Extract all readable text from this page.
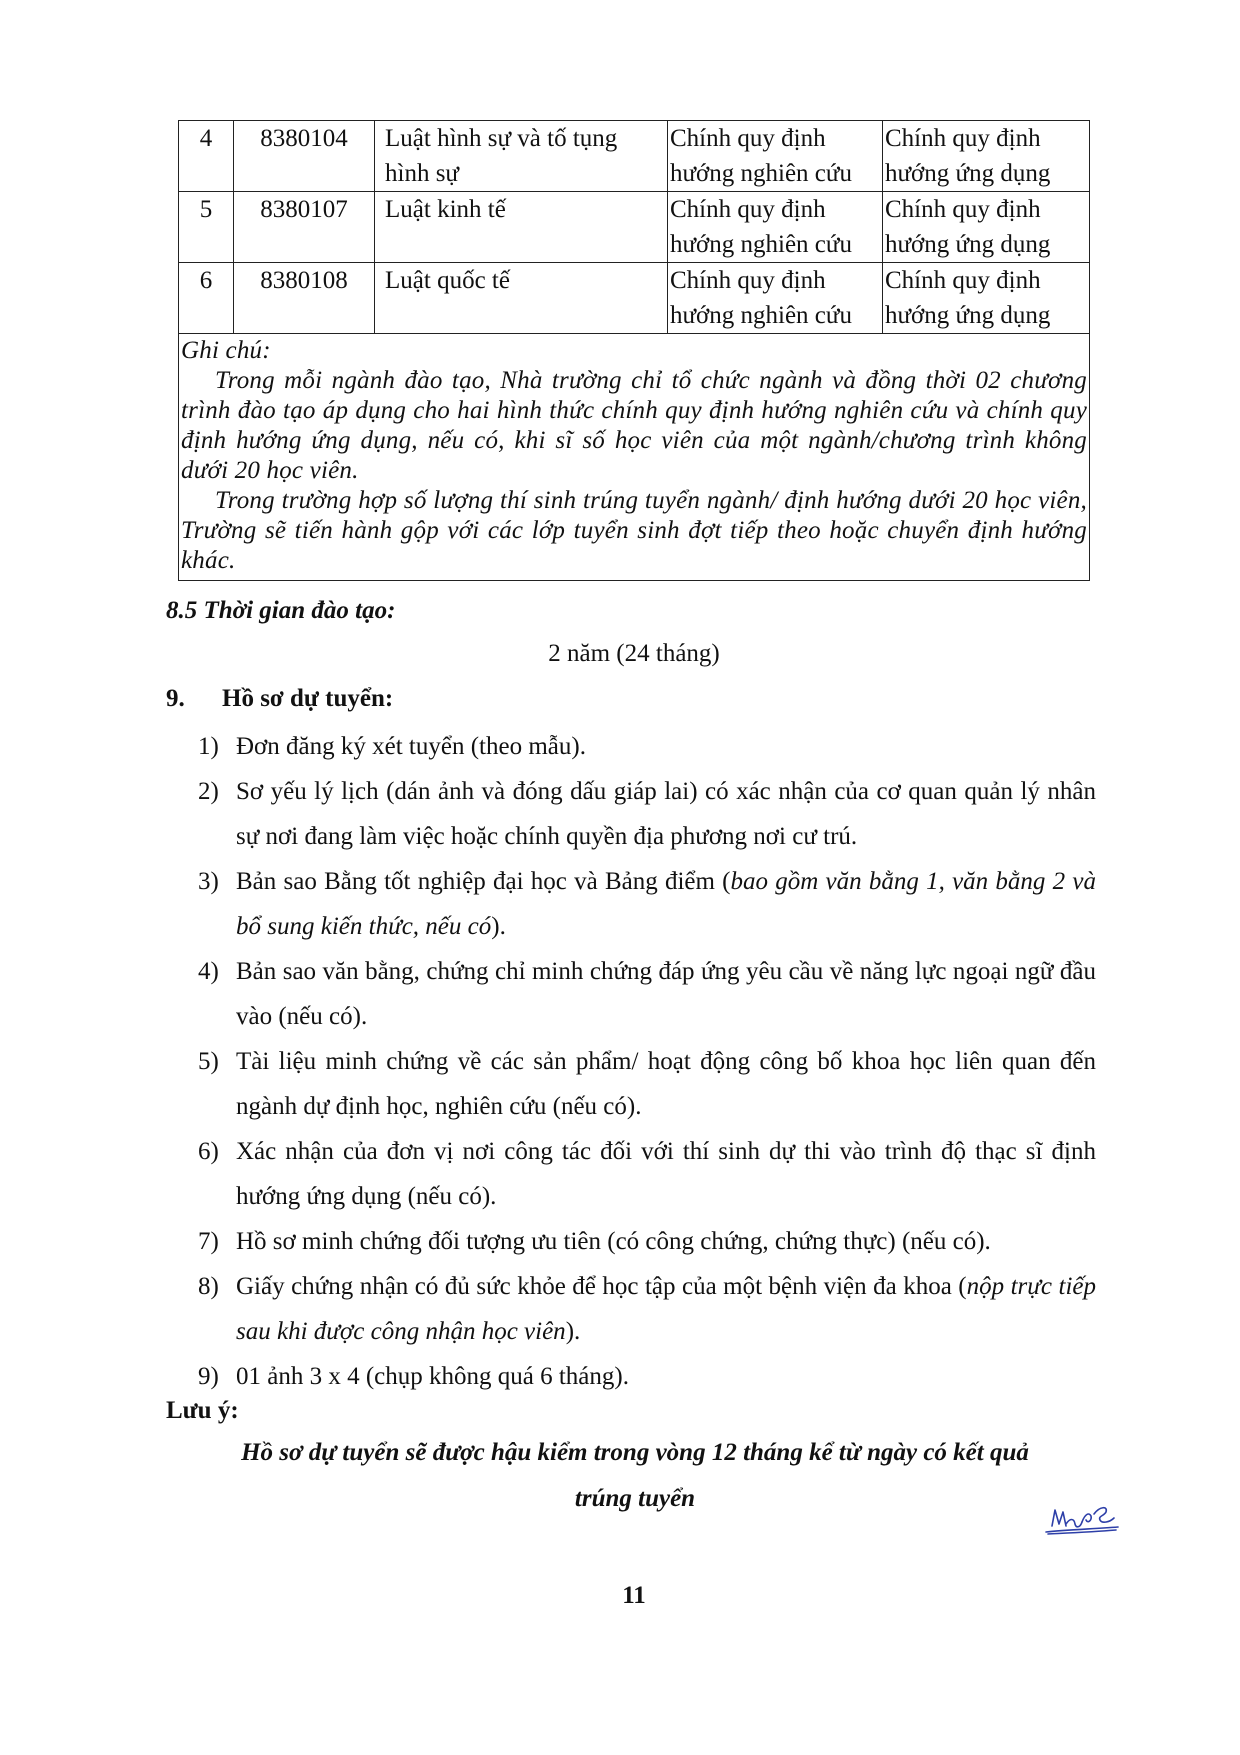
4	8380104	Luật hình sự và tố tụng hình sự	Chính quy định hướng nghiên cứu	Chính quy định hướng ứng dụng
5	8380107	Luật kinh tế	Chính quy định hướng nghiên cứu	Chính quy định hướng ứng dụng
6	8380108	Luật quốc tế	Chính quy định hướng nghiên cứu	Chính quy định hướng ứng dụng

Ghi chú:
Trong mỗi ngành đào tạo, Nhà trường chỉ tổ chức ngành và đồng thời 02 chương trình đào tạo áp dụng cho hai hình thức chính quy định hướng nghiên cứu và chính quy định hướng ứng dụng, nếu có, khi sĩ số học viên của một ngành/chương trình không dưới 20 học viên.
Trong trường hợp số lượng thí sinh trúng tuyển ngành/ định hướng dưới 20 học viên, Trường sẽ tiến hành gộp với các lớp tuyển sinh đợt tiếp theo hoặc chuyển định hướng khác.				
8.5 Thời gian đào tạo:
2 năm (24 tháng)
9. Hồ sơ dự tuyển:
1) Đơn đăng ký xét tuyển (theo mẫu).
2) Sơ yếu lý lịch (dán ảnh và đóng dấu giáp lai) có xác nhận của cơ quan quản lý nhân sự nơi đang làm việc hoặc chính quyền địa phương nơi cư trú.
3) Bản sao Bằng tốt nghiệp đại học và Bảng điểm (bao gồm văn bằng 1, văn bằng 2 và bổ sung kiến thức, nếu có).
4) Bản sao văn bằng, chứng chỉ minh chứng đáp ứng yêu cầu về năng lực ngoại ngữ đầu vào (nếu có).
5) Tài liệu minh chứng về các sản phẩm/ hoạt động công bố khoa học liên quan đến ngành dự định học, nghiên cứu (nếu có).
6) Xác nhận của đơn vị nơi công tác đối với thí sinh dự thi vào trình độ thạc sĩ định hướng ứng dụng (nếu có).
7) Hồ sơ minh chứng đối tượng ưu tiên (có công chứng, chứng thực) (nếu có).
8) Giấy chứng nhận có đủ sức khỏe để học tập của một bệnh viện đa khoa (nộp trực tiếp sau khi được công nhận học viên).
9) 01 ảnh 3 x 4 (chụp không quá 6 tháng).
Lưu ý:
Hồ sơ dự tuyển sẽ được hậu kiểm trong vòng 12 tháng kể từ ngày có kết quả trúng tuyển
11
